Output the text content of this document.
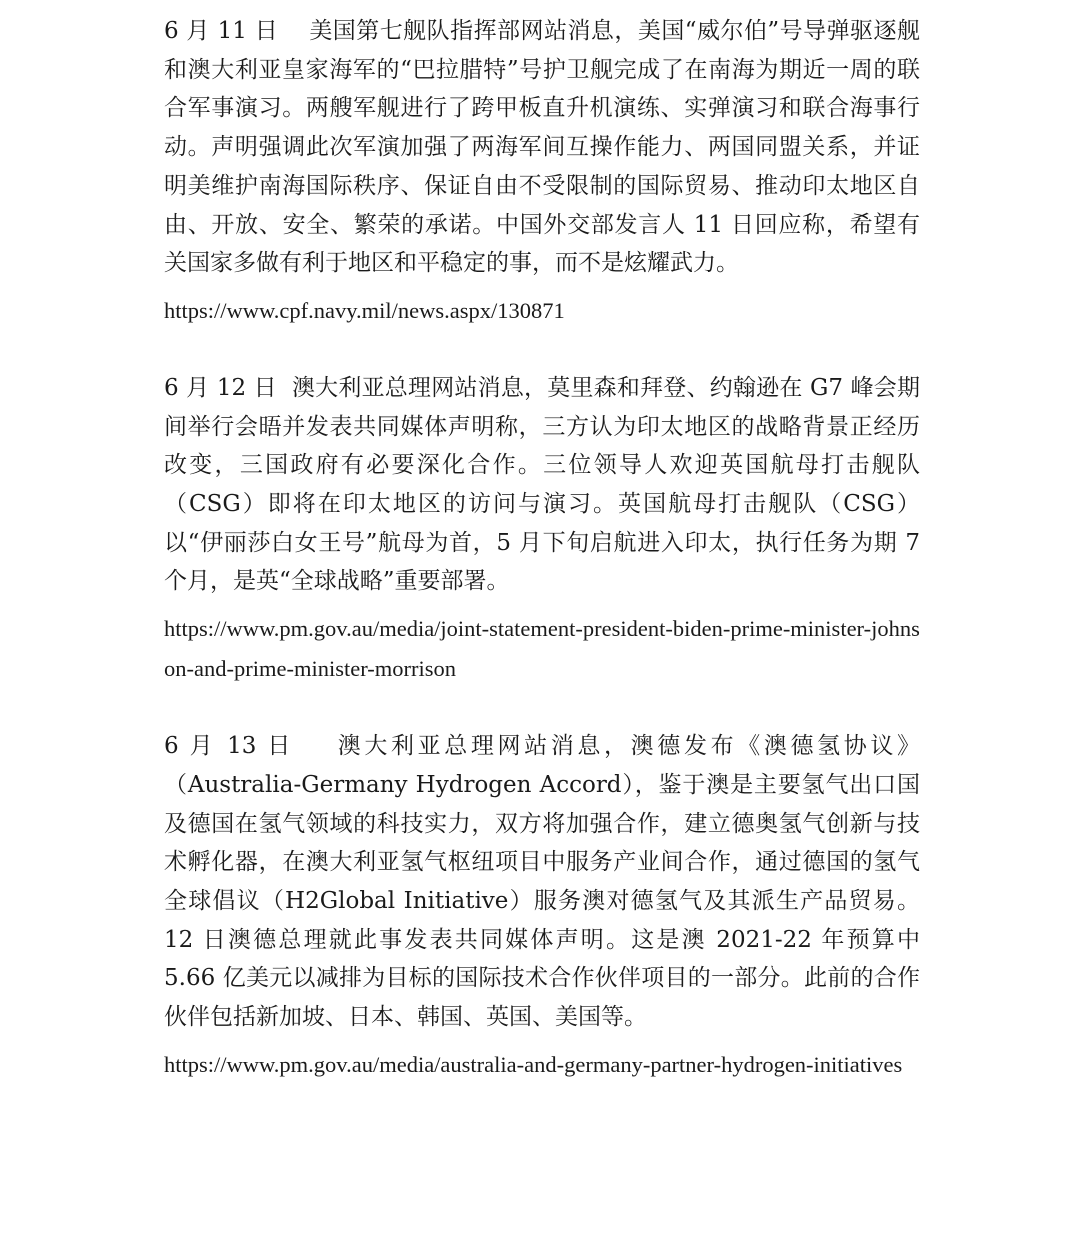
6 月 11 日 美国第七舰队指挥部网站消息，美国“威尔伯”号导弹驱逐舰和澳大利亚皇家海军的“巴拉腊特”号护卫舰完成了在南海为期近一周的联合军事演习。两艘军舰进行了跨甲板直升机演练、实弹演习和联合海事行动。声明强调此次军演加强了两海军间互操作能力、两国同盟关系，并证明美维护南海国际秩序、保证自由不受限制的国际贸易、推动印太地区自由、开放、安全、繁荣的承诺。中国外交部发言人 11 日回应称，希望有关国家多做有利于地区和平稳定的事，而不是炫耀武力。

https://www.cpf.navy.mil/news.aspx/130871

6 月 12 日 澳大利亚总理网站消息，莫里森和拜登、约翰逊在 G7 峰会期间举行会晤并发表共同媒体声明称，三方认为印太地区的战略背景正经历改变，三国政府有必要深化合作。三位领导人欢迎英国航母打击舰队（CSG）即将在印太地区的访问与演习。英国航母打击舰队（CSG）以“伊丽莎白女王号”航母为首，5 月下旬启航进入印太，执行任务为期 7 个月，是英“全球战略”重要部署。

https://www.pm.gov.au/media/joint-statement-president-biden-prime-minister-johnson-and-prime-minister-morrison

6 月 13 日 澳大利亚总理网站消息，澳德发布《澳德氢协议》（Australia-Germany Hydrogen Accord），鉴于澳是主要氢气出口国及德国在氢气领域的科技实力，双方将加强合作，建立德奥氢气创新与技术孵化器，在澳大利亚氢气枢纽项目中服务产业间合作，通过德国的氢气全球倡议（H2Global Initiative）服务澳对德氢气及其派生产品贸易。12 日澳德总理就此事发表共同媒体声明。这是澳 2021-22 年预算中 5.66 亿美元以减排为目标的国际技术合作伙伴项目的一部分。此前的合作伙伴包括新加坡、日本、韩国、英国、美国等。

https://www.pm.gov.au/media/australia-and-germany-partner-hydrogen-initiatives
